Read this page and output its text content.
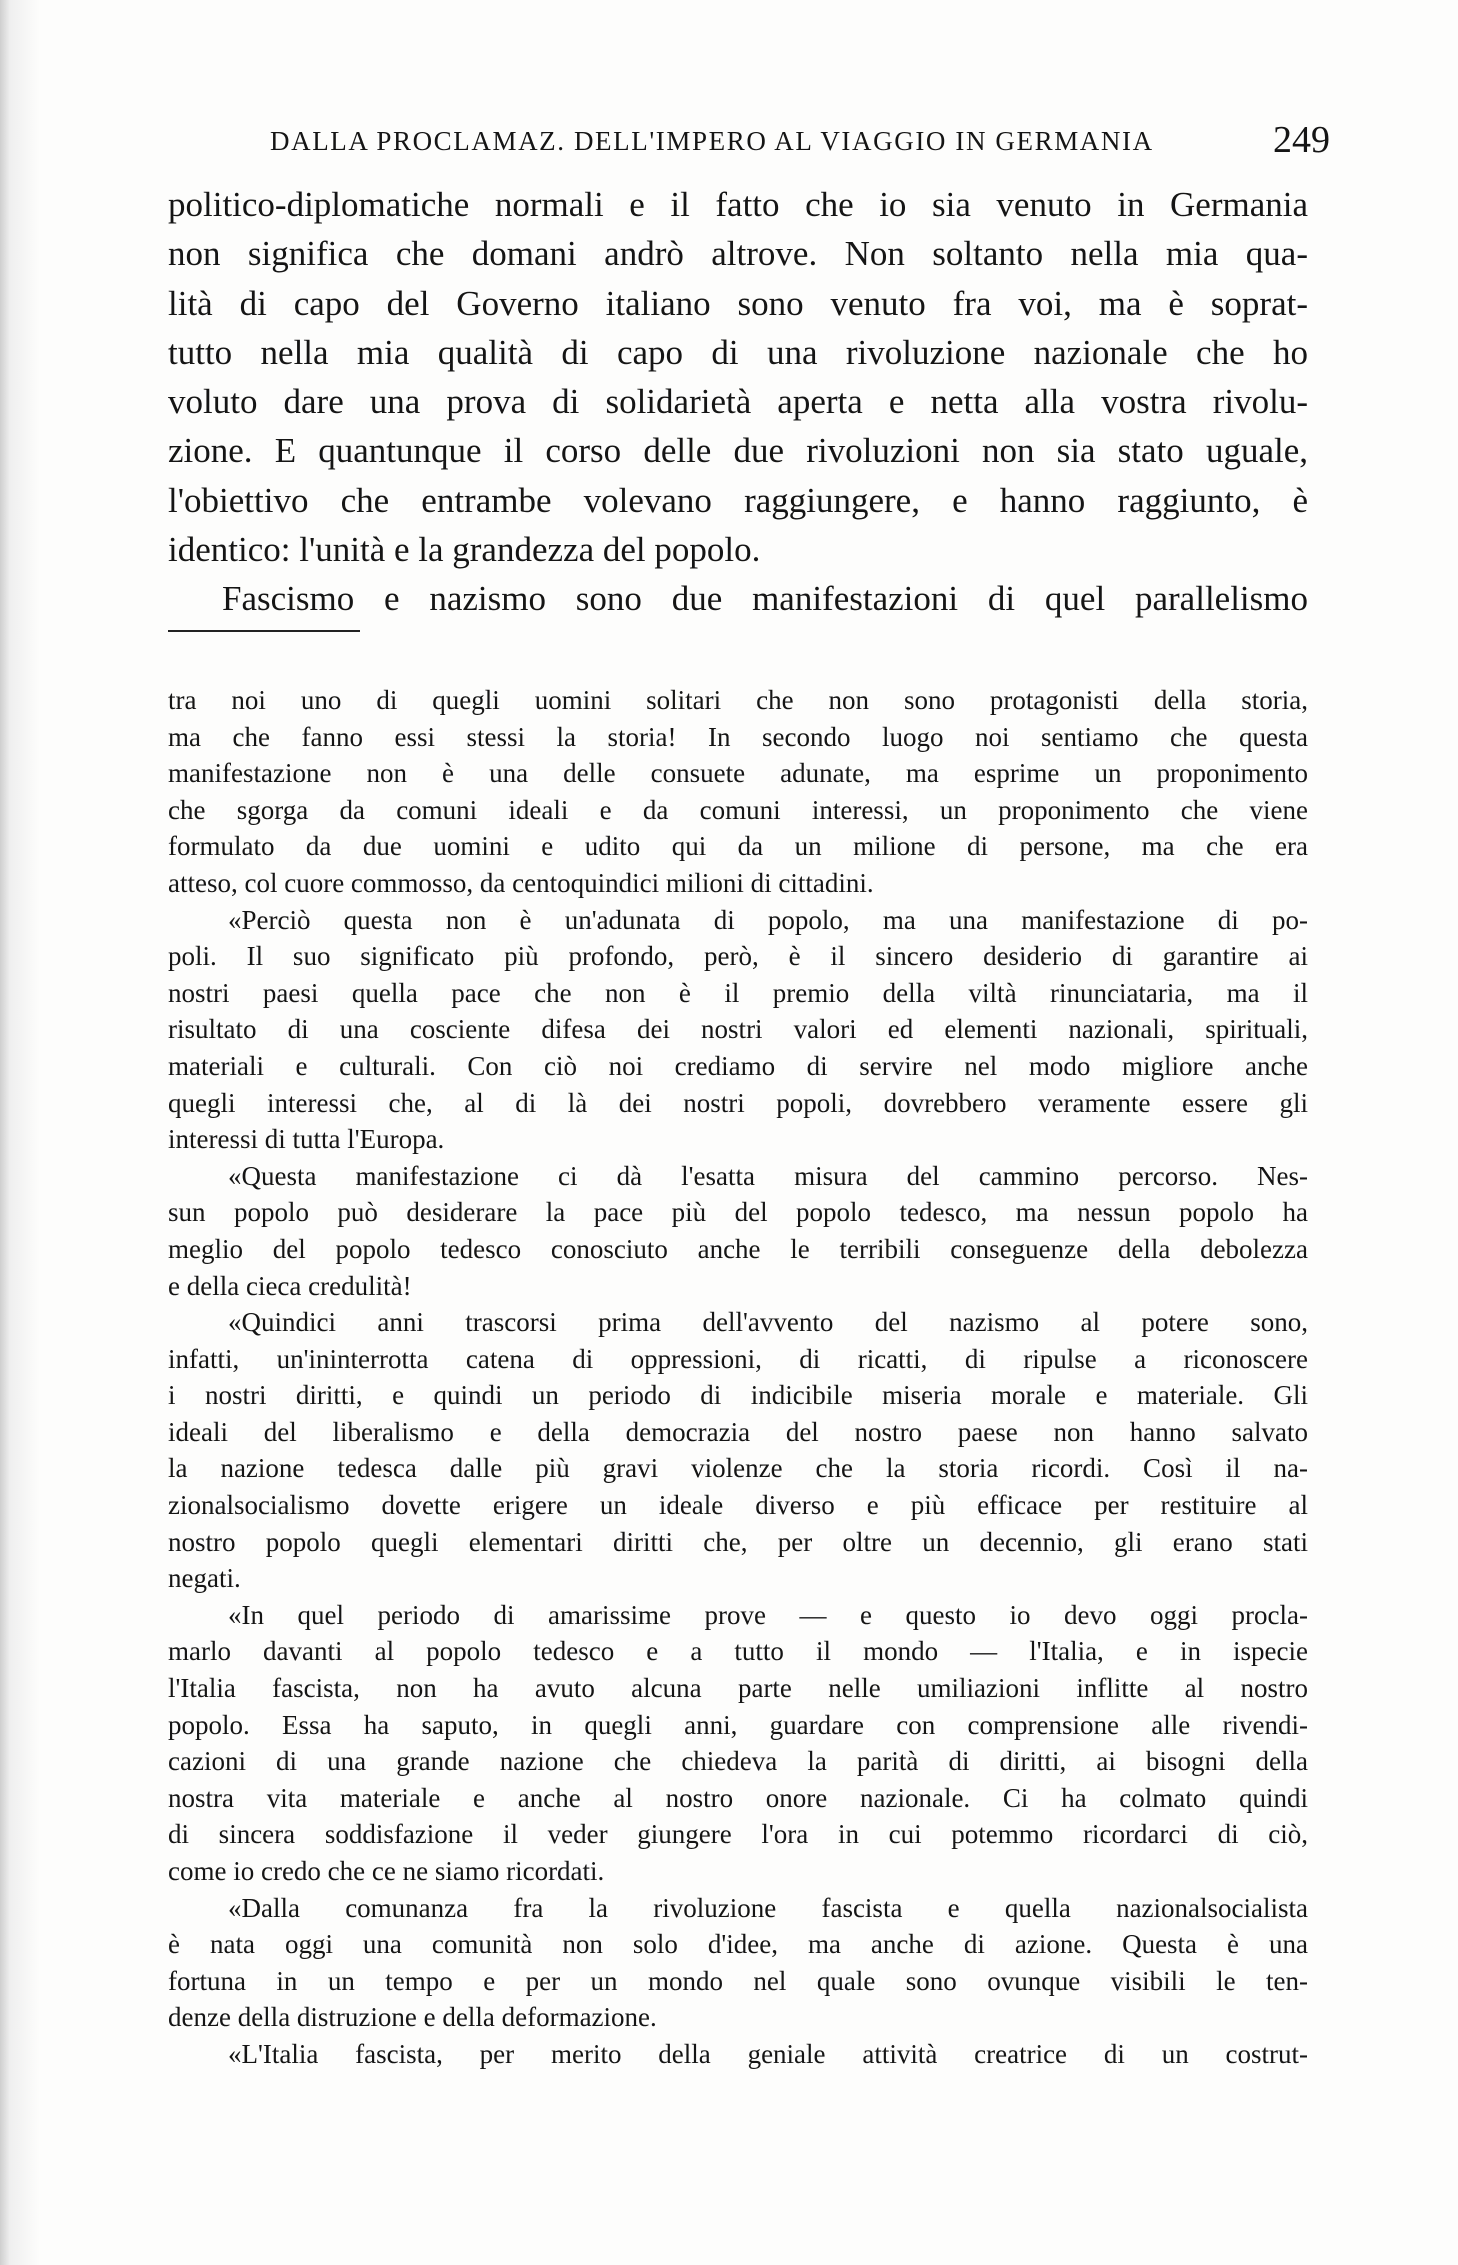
DALLA PROCLAMAZ. DELL'IMPERO AL VIAGGIO IN GERMANIA	249
politico-diplomatiche normali e il fatto che io sia venuto in Germania
non significa che domani andrò altrove. Non soltanto nella mia qua-
lità di capo del Governo italiano sono venuto fra voi, ma è soprat-
tutto nella mia qualità di capo di una rivoluzione nazionale che ho
voluto dare una prova di solidarietà aperta e netta alla vostra rivolu-
zione. E quantunque il corso delle due rivoluzioni non sia stato uguale,
l'obiettivo che entrambe volevano raggiungere, e hanno raggiunto, è
identico: l'unità e la grandezza del popolo.
Fascismo e nazismo sono due manifestazioni di quel parallelismo
tra noi uno di quegli uomini solitari che non sono protagonisti della storia,
ma che fanno essi stessi la storia! In secondo luogo noi sentiamo che questa
manifestazione non è una delle consuete adunate, ma esprime un proponimento
che sgorga da comuni ideali e da comuni interessi, un proponimento che viene
formulato da due uomini e udito qui da un milione di persone, ma che era
atteso, col cuore commosso, da centoquindici milioni di cittadini.
«Perciò questa non è un'adunata di popolo, ma una manifestazione di po-
poli. Il suo significato più profondo, però, è il sincero desiderio di garantire ai
nostri paesi quella pace che non è il premio della viltà rinunciataria, ma il
risultato di una cosciente difesa dei nostri valori ed elementi nazionali, spirituali,
materiali e culturali. Con ciò noi crediamo di servire nel modo migliore anche
quegli interessi che, al di là dei nostri popoli, dovrebbero veramente essere gli
interessi di tutta l'Europa.
«Questa manifestazione ci dà l'esatta misura del cammino percorso. Nes-
sun popolo può desiderare la pace più del popolo tedesco, ma nessun popolo ha
meglio del popolo tedesco conosciuto anche le terribili conseguenze della debolezza
e della cieca credulità!
«Quindici anni trascorsi prima dell'avvento del nazismo al potere sono,
infatti, un'ininterrotta catena di oppressioni, di ricatti, di ripulse a riconoscere
i nostri diritti, e quindi un periodo di indicibile miseria morale e materiale. Gli
ideali del liberalismo e della democrazia del nostro paese non hanno salvato
la nazione tedesca dalle più gravi violenze che la storia ricordi. Così il na-
zionalsocialismo dovette erigere un ideale diverso e più efficace per restituire al
nostro popolo quegli elementari diritti che, per oltre un decennio, gli erano stati
negati.
«In quel periodo di amarissime prove — e questo io devo oggi procla-
marlo davanti al popolo tedesco e a tutto il mondo — l'Italia, e in ispecie
l'Italia fascista, non ha avuto alcuna parte nelle umiliazioni inflitte al nostro
popolo. Essa ha saputo, in quegli anni, guardare con comprensione alle rivendi-
cazioni di una grande nazione che chiedeva la parità di diritti, ai bisogni della
nostra vita materiale e anche al nostro onore nazionale. Ci ha colmato quindi
di sincera soddisfazione il veder giungere l'ora in cui potemmo ricordarci di ciò,
come io credo che ce ne siamo ricordati.
«Dalla comunanza fra la rivoluzione fascista e quella nazionalsocialista
è nata oggi una comunità non solo d'idee, ma anche di azione. Questa è una
fortuna in un tempo e per un mondo nel quale sono ovunque visibili le ten-
denze della distruzione e della deformazione.
«L'Italia fascista, per merito della geniale attività creatrice di un costrut-
